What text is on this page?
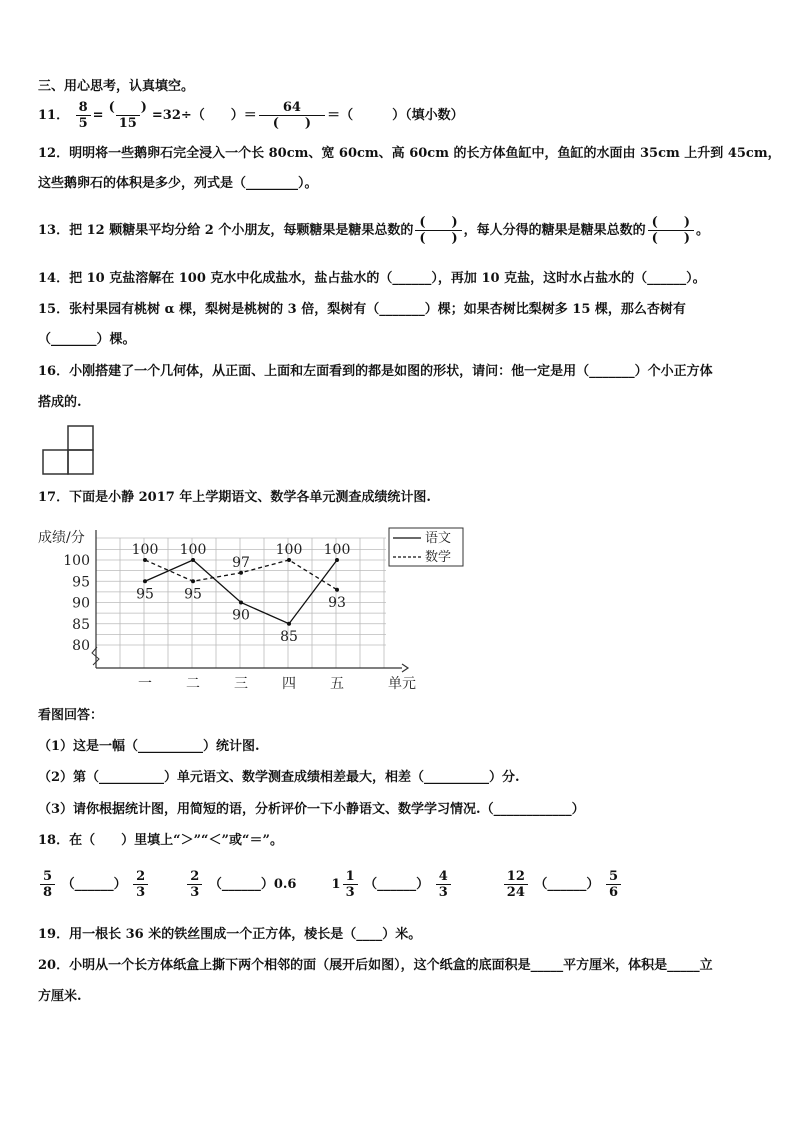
三、用心思考，认真填空。
11． $\frac{8}{5} = \frac{( )}{15} =32\div$（　　）＝ $\frac{64}{( )}$ ＝（　　　）（填小数）
12．明明将一些鹅卵石完全浸入一个长 80cm、宽 60cm、高 60cm 的长方体鱼缸中，鱼缸的水面由 35cm 上升到 45cm，
这些鹅卵石的体积是多少，列式是（________）。
13．把 12 颗糖果平均分给 2 个小朋友，每颗糖果是糖果总数的 $\frac{( )}{( )}$ ，每人分得的糖果是糖果总数的 $\frac{( )}{( )}$ 。
14．把 10 克盐溶解在 100 克水中化成盐水，盐占盐水的（______），再加 10 克盐，这时水占盐水的（______）。
15．张村果园有桃树 α 棵，梨树是桃树的 3 倍，梨树有（_______）棵；如果杏树比梨树多 15 棵，那么杏树有
（_______）棵。
16．小刚搭建了一个几何体，从正面、上面和左面看到的都是如图的形状，请问：他一定是用（_______）个小正方体
搭成的.
17．下面是小静 2017 年上学期语文、数学各单元测查成绩统计图.
成绩/分
80
85
90
95
100
一 二 三 四 五	单元
95
100 100
95
90
97
85
100 100
93
语文
数学
看图回答：
（1）这是一幅（__________）统计图.
（2）第（__________）单元语文、数学测查成绩相差最大，相差（__________）分.
（3）请你根据统计图，用简短的语，分析评价一下小静语文、数学学习情况.（____________）
18．在（　　）里填上“＞”“＜”或“＝”。
$\frac{5}{8}$ （______） $\frac{2}{3}$
	$\frac{2}{3}$ （______）0.6	$1 \frac{1}{3}$ （______） $\frac{4}{3}$
	$\frac{12}{24}$ （______） $\frac{5}{6}$
19．用一根长 36 米的铁丝围成一个正方体，棱长是（____）米。
20．小明从一个长方体纸盒上撕下两个相邻的面（展开后如图），这个纸盒的底面积是_____平方厘米，体积是_____立
方厘米.
